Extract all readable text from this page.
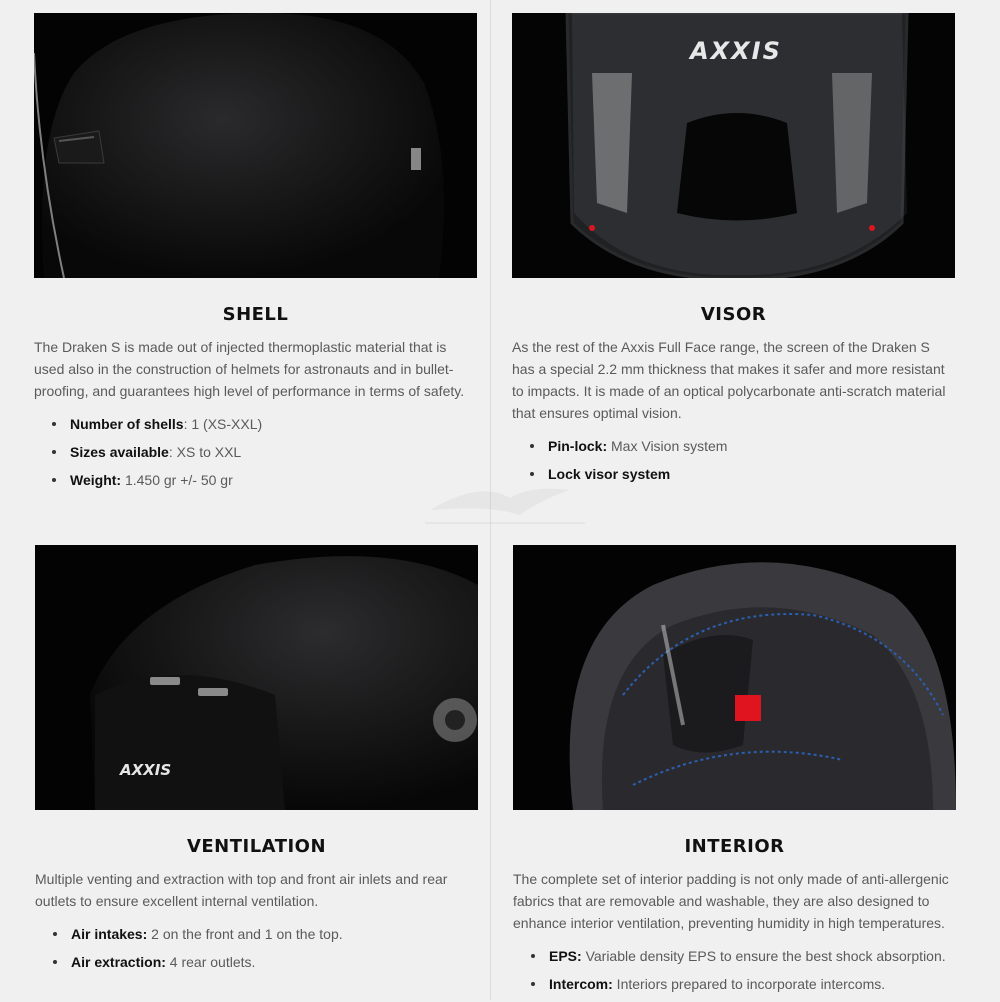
SHELL

The Draken S is made out of injected thermoplastic material that is used also in the construction of helmets for astronauts and in bullet-proofing, and guarantees high level of performance in terms of safety.

Number of shells: 1 (XS-XXL)
Sizes available: XS to XXL
Weight: 1.450 gr +/- 50 gr
AXXIS
VISOR

As the rest of the Axxis Full Face range, the screen of the Draken S has a special 2.2 mm thickness that makes it safer and more resistant to impacts. It is made of an optical polycarbonate anti-scratch material that ensures optimal vision.

Pin-lock: Max Vision system
Lock visor system
AXXIS
VENTILATION

Multiple venting and extraction with top and front air inlets and rear outlets to ensure excellent internal ventilation.

Air intakes: 2 on the front and 1 on the top.
Air extraction: 4 rear outlets.
INTERIOR

The complete set of interior padding is not only made of anti-allergenic fabrics that are removable and washable, they are also designed to enhance interior ventilation, preventing humidity in high temperatures.

EPS: Variable density EPS to ensure the best shock absorption.
Intercom: Interiors prepared to incorporate intercoms.
